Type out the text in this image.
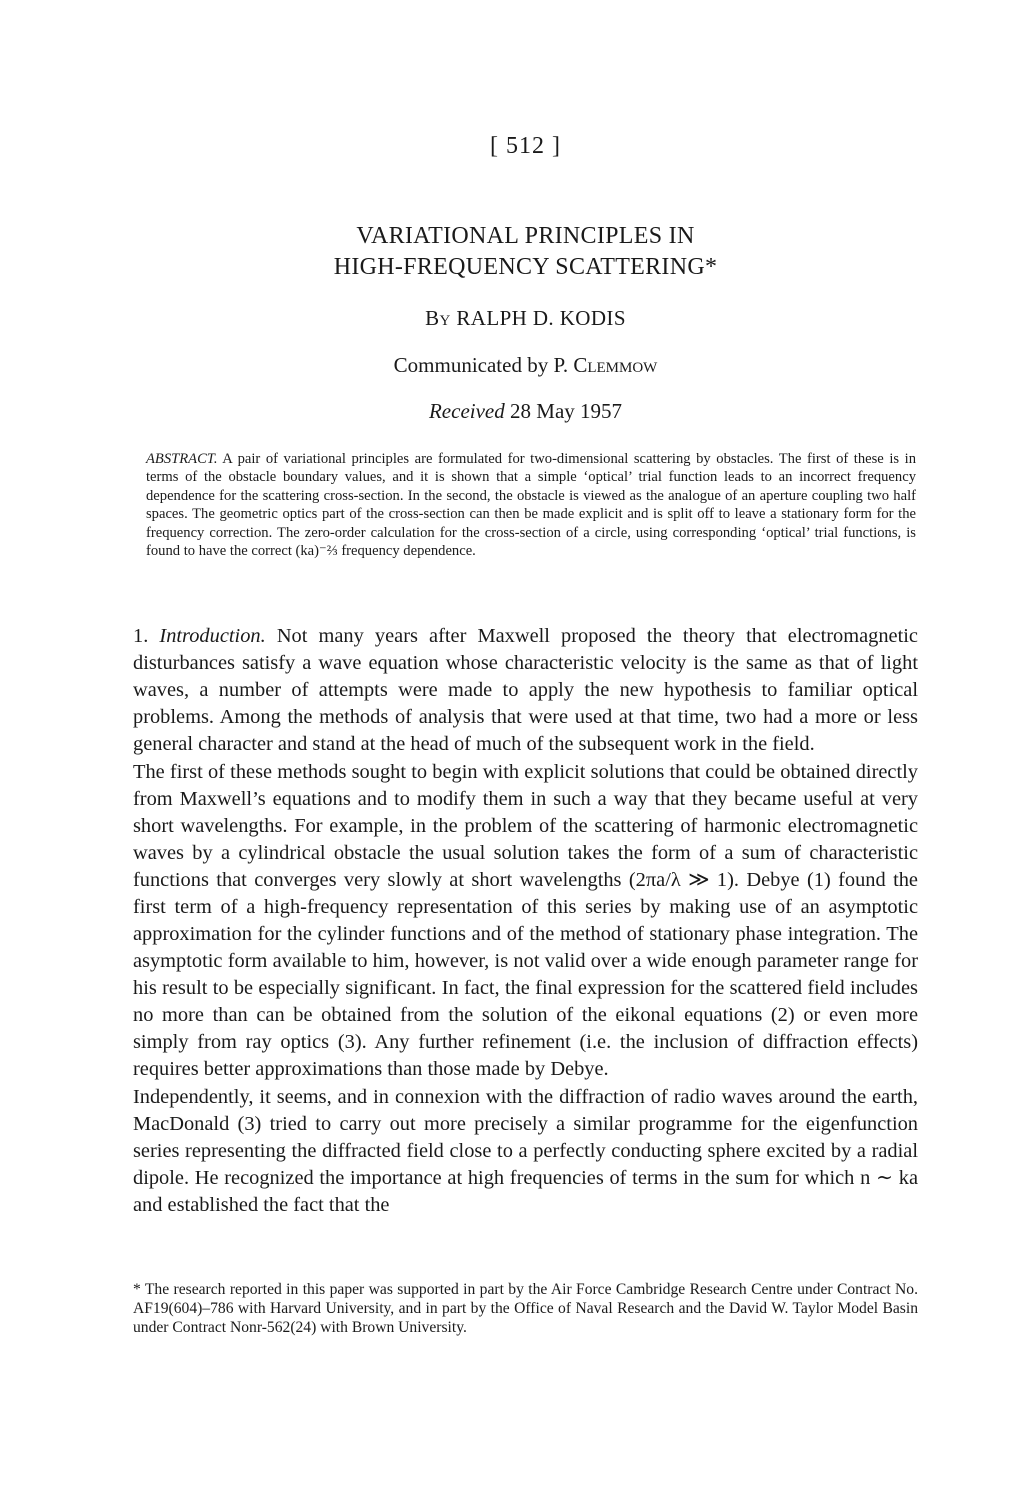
[ 512 ]
VARIATIONAL PRINCIPLES IN
HIGH-FREQUENCY SCATTERING*
By RALPH D. KODIS
Communicated by P. Clemmow
Received 28 May 1957
ABSTRACT. A pair of variational principles are formulated for two-dimensional scattering by obstacles. The first of these is in terms of the obstacle boundary values, and it is shown that a simple ‘optical’ trial function leads to an incorrect frequency dependence for the scattering cross-section. In the second, the obstacle is viewed as the analogue of an aperture coupling two half spaces. The geometric optics part of the cross-section can then be made explicit and is split off to leave a stationary form for the frequency correction. The zero-order calculation for the cross-section of a circle, using corresponding ‘optical’ trial functions, is found to have the correct (ka)⁻⅔ frequency dependence.

1. Introduction. Not many years after Maxwell proposed the theory that electromagnetic disturbances satisfy a wave equation whose characteristic velocity is the same as that of light waves, a number of attempts were made to apply the new hypothesis to familiar optical problems. Among the methods of analysis that were used at that time, two had a more or less general character and stand at the head of much of the subsequent work in the field.

The first of these methods sought to begin with explicit solutions that could be obtained directly from Maxwell’s equations and to modify them in such a way that they became useful at very short wavelengths. For example, in the problem of the scattering of harmonic electromagnetic waves by a cylindrical obstacle the usual solution takes the form of a sum of characteristic functions that converges very slowly at short wavelengths (2πa/λ ≫ 1). Debye (1) found the first term of a high-frequency representation of this series by making use of an asymptotic approximation for the cylinder functions and of the method of stationary phase integration. The asymptotic form available to him, however, is not valid over a wide enough parameter range for his result to be especially significant. In fact, the final expression for the scattered field includes no more than can be obtained from the solution of the eikonal equations (2) or even more simply from ray optics (3). Any further refinement (i.e. the inclusion of diffraction effects) requires better approximations than those made by Debye.

Independently, it seems, and in connexion with the diffraction of radio waves around the earth, MacDonald (3) tried to carry out more precisely a similar programme for the eigenfunction series representing the diffracted field close to a perfectly conducting sphere excited by a radial dipole. He recognized the importance at high frequencies of terms in the sum for which n ∼ ka and established the fact that the

* The research reported in this paper was supported in part by the Air Force Cambridge Research Centre under Contract No. AF19(604)–786 with Harvard University, and in part by the Office of Naval Research and the David W. Taylor Model Basin under Contract Nonr-562(24) with Brown University.
